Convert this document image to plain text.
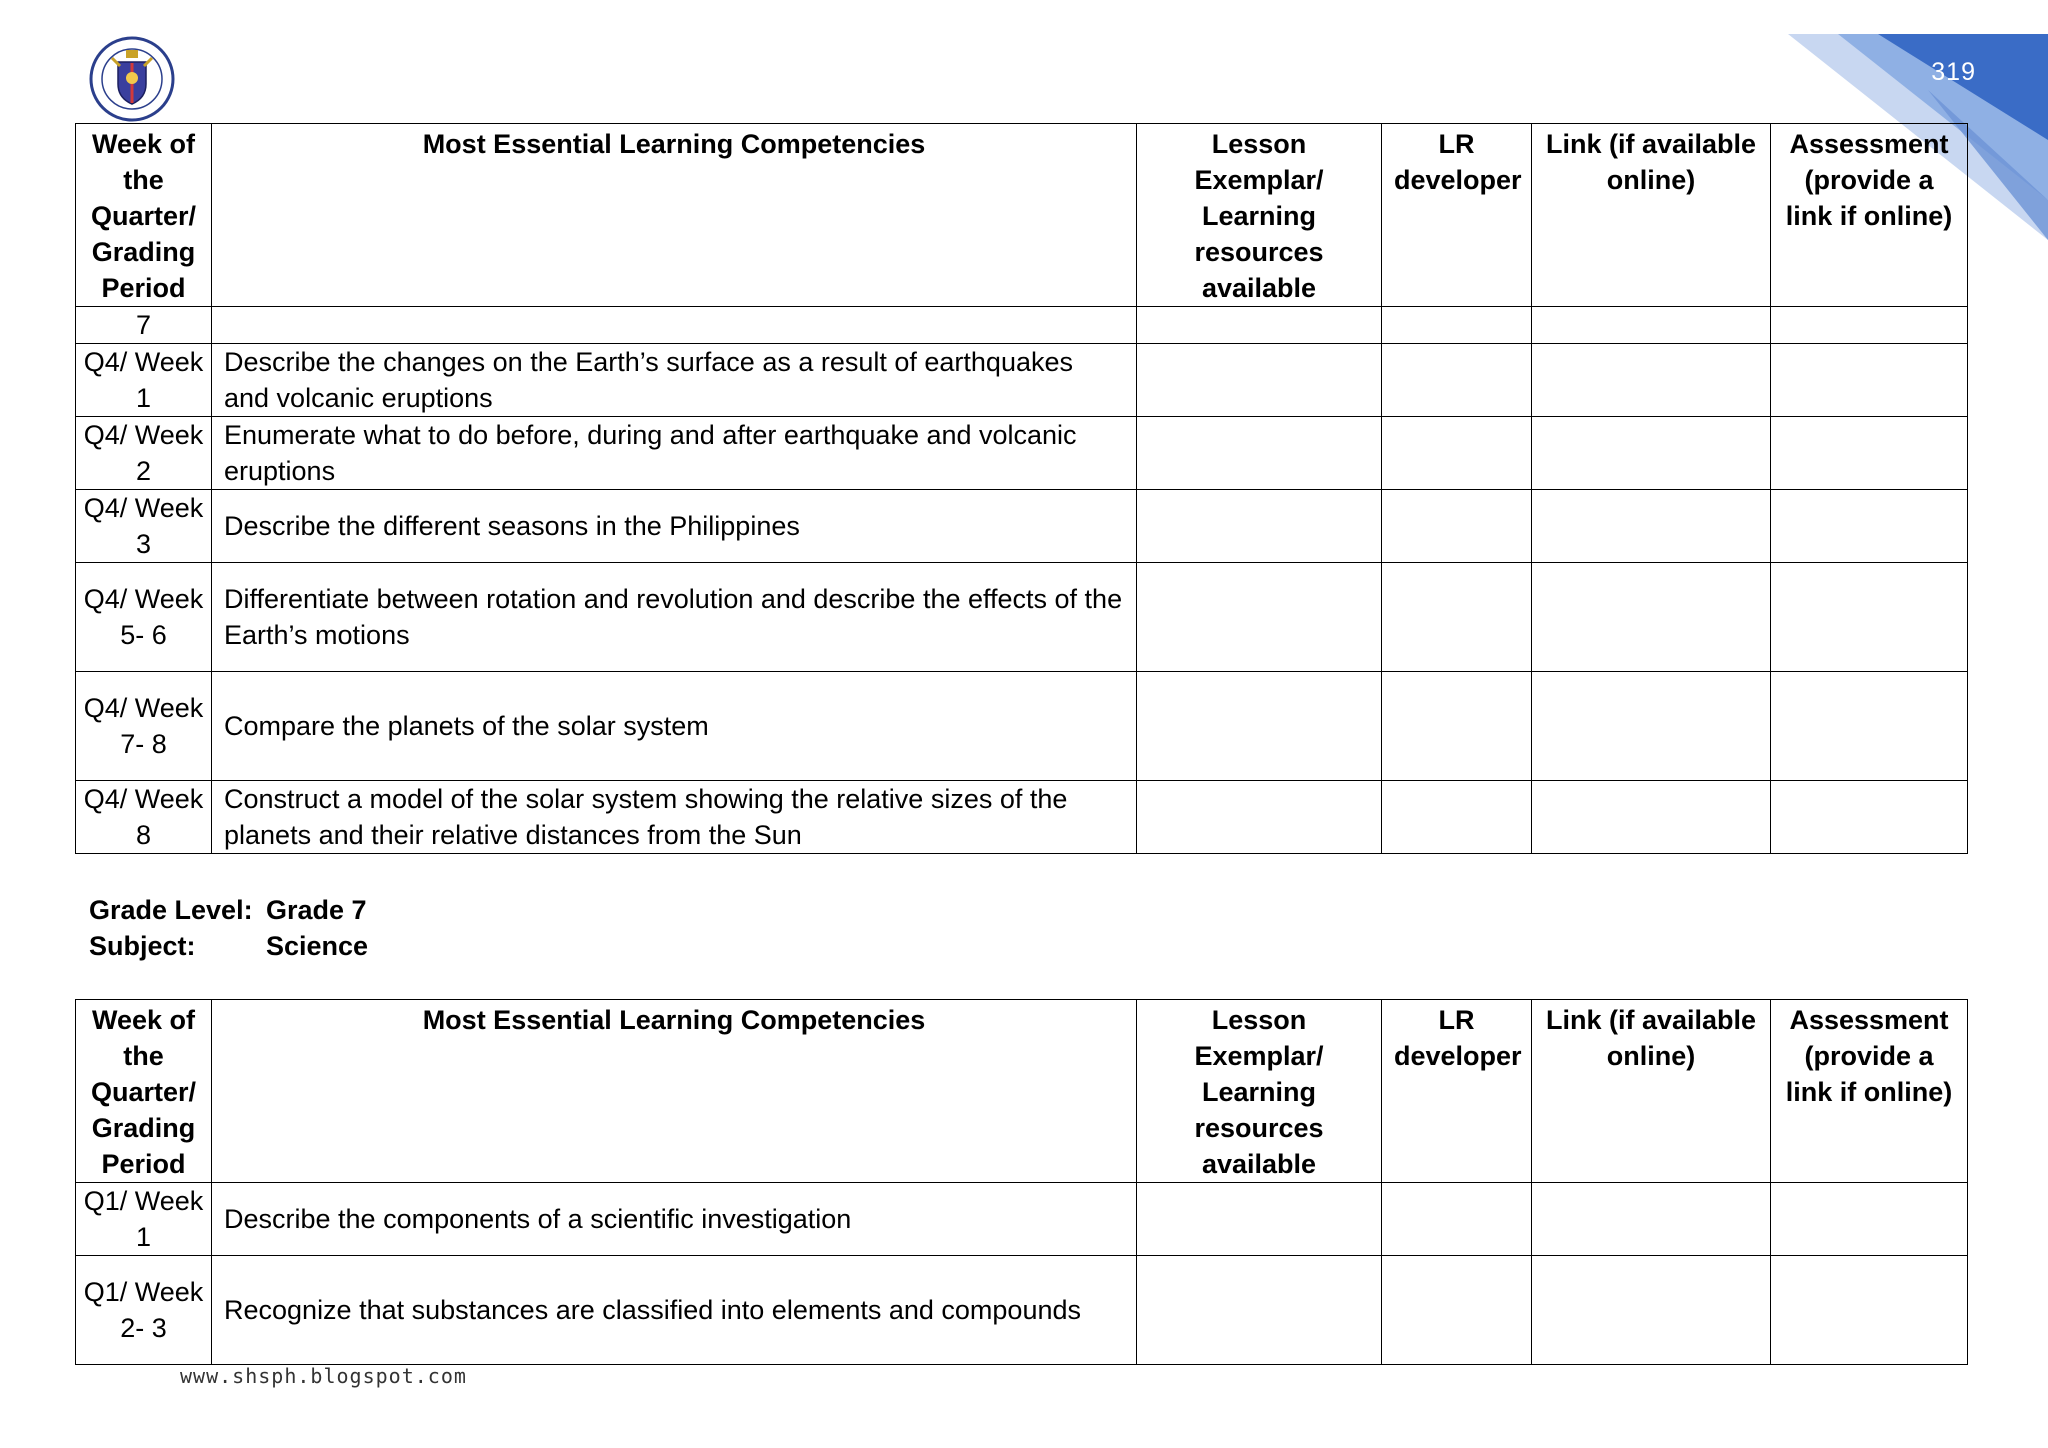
319
Week of the Quarter/ Grading Period	Most Essential Learning Competencies	Lesson Exemplar/ Learning resources available	LR developer	Link (if available online)	Assessment (provide a link if online)
7					
Q4/ Week 1	Describe the changes on the Earth’s surface as a result of earthquakes and volcanic eruptions				
Q4/ Week 2	Enumerate what to do before, during and after earthquake and volcanic eruptions				
Q4/ Week 3	Describe the different seasons in the Philippines				
Q4/ Week 5- 6	Differentiate between rotation and revolution and describe the effects of the Earth’s motions				
Q4/ Week 7- 8	Compare the planets of the solar system				
Q4/ Week 8	Construct a model of the solar system showing the relative sizes of the planets and their relative distances from the Sun				
Grade Level: Grade 7
Subject:	Science
Week of the Quarter/ Grading Period	Most Essential Learning Competencies	Lesson Exemplar/ Learning resources available	LR developer	Link (if available online)	Assessment (provide a link if online)
Q1/ Week 1	Describe the components of a scientific investigation				
Q1/ Week 2- 3	Recognize that substances are classified into elements and compounds				
www.shsph.blogspot.com
